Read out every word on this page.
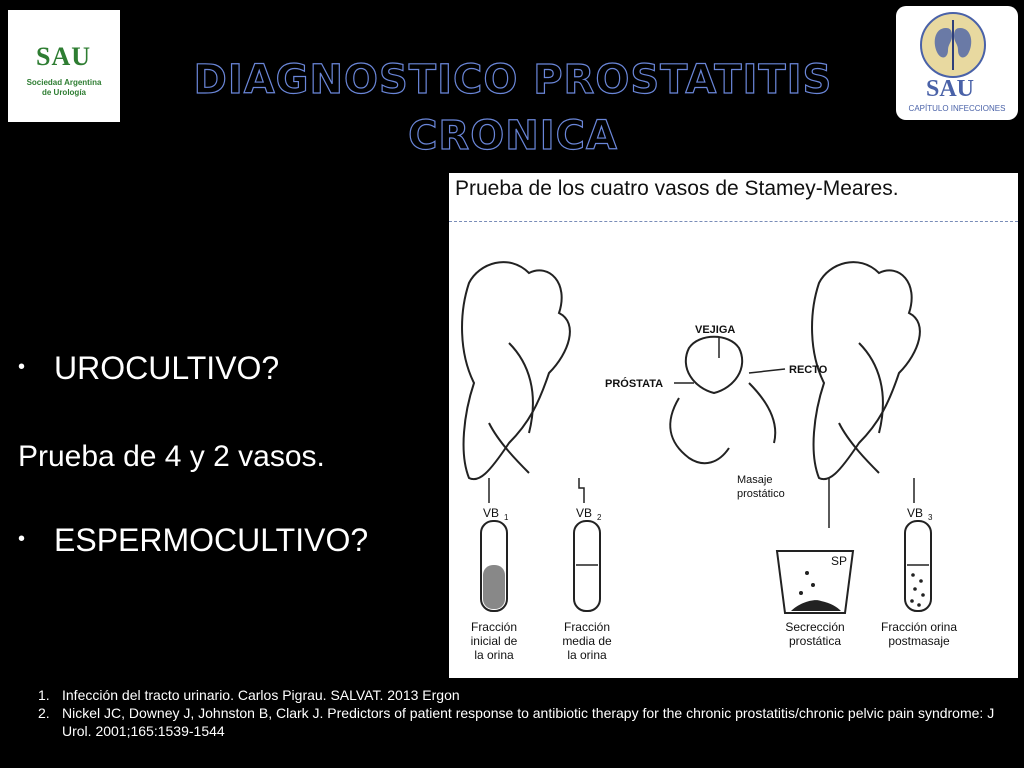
SAU
Sociedad Argentina
de Urología	SAU
CAPÍTULO INFECCIONES
DIAGNOSTICO PROSTATITIS
CRONICA
• UROCULTIVO?
Prueba de 4 y 2 vasos.
• ESPERMOCULTIVO?
Prueba de los cuatro vasos de Stamey-Meares.
VEJIGA
PRÓSTATA
RECTO
Masaje
prostático
VB 1	VB 2
SP
VB 3
Fracción
inicial de
la orina
Fracción
media de
la orina
Secrección
prostática
Fracción orina
postmasaje
1. Infección del tracto urinario. Carlos Pigrau. SALVAT. 2013 Ergon
2. Nickel JC, Downey J, Johnston B, Clark J. Predictors of patient response to antibiotic therapy for the chronic prostatitis/chronic pelvic pain syndrome: J Urol. 2001;165:1539-1544
